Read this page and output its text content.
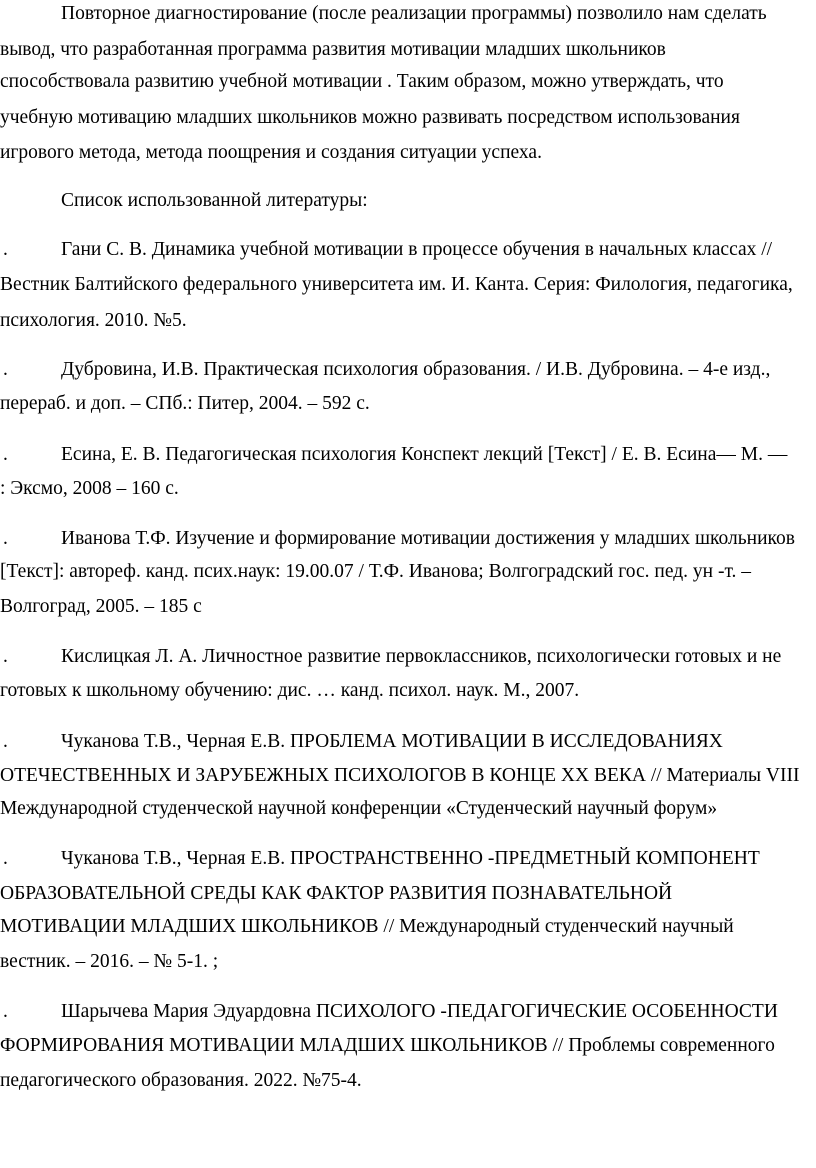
Повторное диагностирование (после реализации программы) позволило нам сделать
вывод, что разработанная программа развития мотивации младших школьников
способствовала развитию учебной мотивации . Таким образом, можно утверждать, что
учебную мотивацию младших школьников можно развивать посредством использования
игрового метода, метода поощрения и создания ситуации успеха.
Список использованной литературы:
.	Гани С. В. Динамика учебной мотивации в процессе обучения в начальных классах //
Вестник Балтийского федерального университета им. И. Канта. Серия: Филология, педагогика,
психология. 2010. №5.
.	Дубровина, И.В. Практическая психология образования. / И.В. Дубровина. – 4-е изд.,
перераб. и доп. – СПб.: Питер, 2004. – 592 с.
.	Есина, Е. В. Педагогическая психология Конспект лекций [Текст] / Е. В. Есина— М. —
: Эксмо, 2008 – 160 с.
.	Иванова Т.Ф. Изучение и формирование мотивации достижения у младших школьников
[Текст]: автореф. канд. псих.наук: 19.00.07 / Т.Ф. Иванова; Волгоградский гос. пед. ун -т. –
Волгоград, 2005. – 185 с
.	Кислицкая Л. А. Личностное развитие первоклассников, психологически готовых и не
готовых к школьному обучению: дис. … канд. психол. наук. М., 2007.
.	Чуканова Т.В., Черная Е.В. ПРОБЛЕМА МОТИВАЦИИ В ИССЛЕДОВАНИЯХ
ОТЕЧЕСТВЕННЫХ И ЗАРУБЕЖНЫХ ПСИХОЛОГОВ В КОНЦЕ XX ВЕКА // Материалы VIII
Международной студенческой научной конференции «Студенческий научный форум»
.	Чуканова Т.В., Черная Е.В. ПРОСТРАНСТВЕННО -ПРЕДМЕТНЫЙ КОМПОНЕНТ
ОБРАЗОВАТЕЛЬНОЙ СРЕДЫ КАК ФАКТОР РАЗВИТИЯ ПОЗНАВАТЕЛЬНОЙ
МОТИВАЦИИ МЛАДШИХ ШКОЛЬНИКОВ // Международный студенческий научный
вестник. – 2016. – № 5-1. ;
.	Шарычева Мария Эдуардовна ПСИХОЛОГО -ПЕДАГОГИЧЕСКИЕ ОСОБЕННОСТИ
ФОРМИРОВАНИЯ МОТИВАЦИИ МЛАДШИХ ШКОЛЬНИКОВ // Проблемы современного
педагогического образования. 2022. №75-4.
